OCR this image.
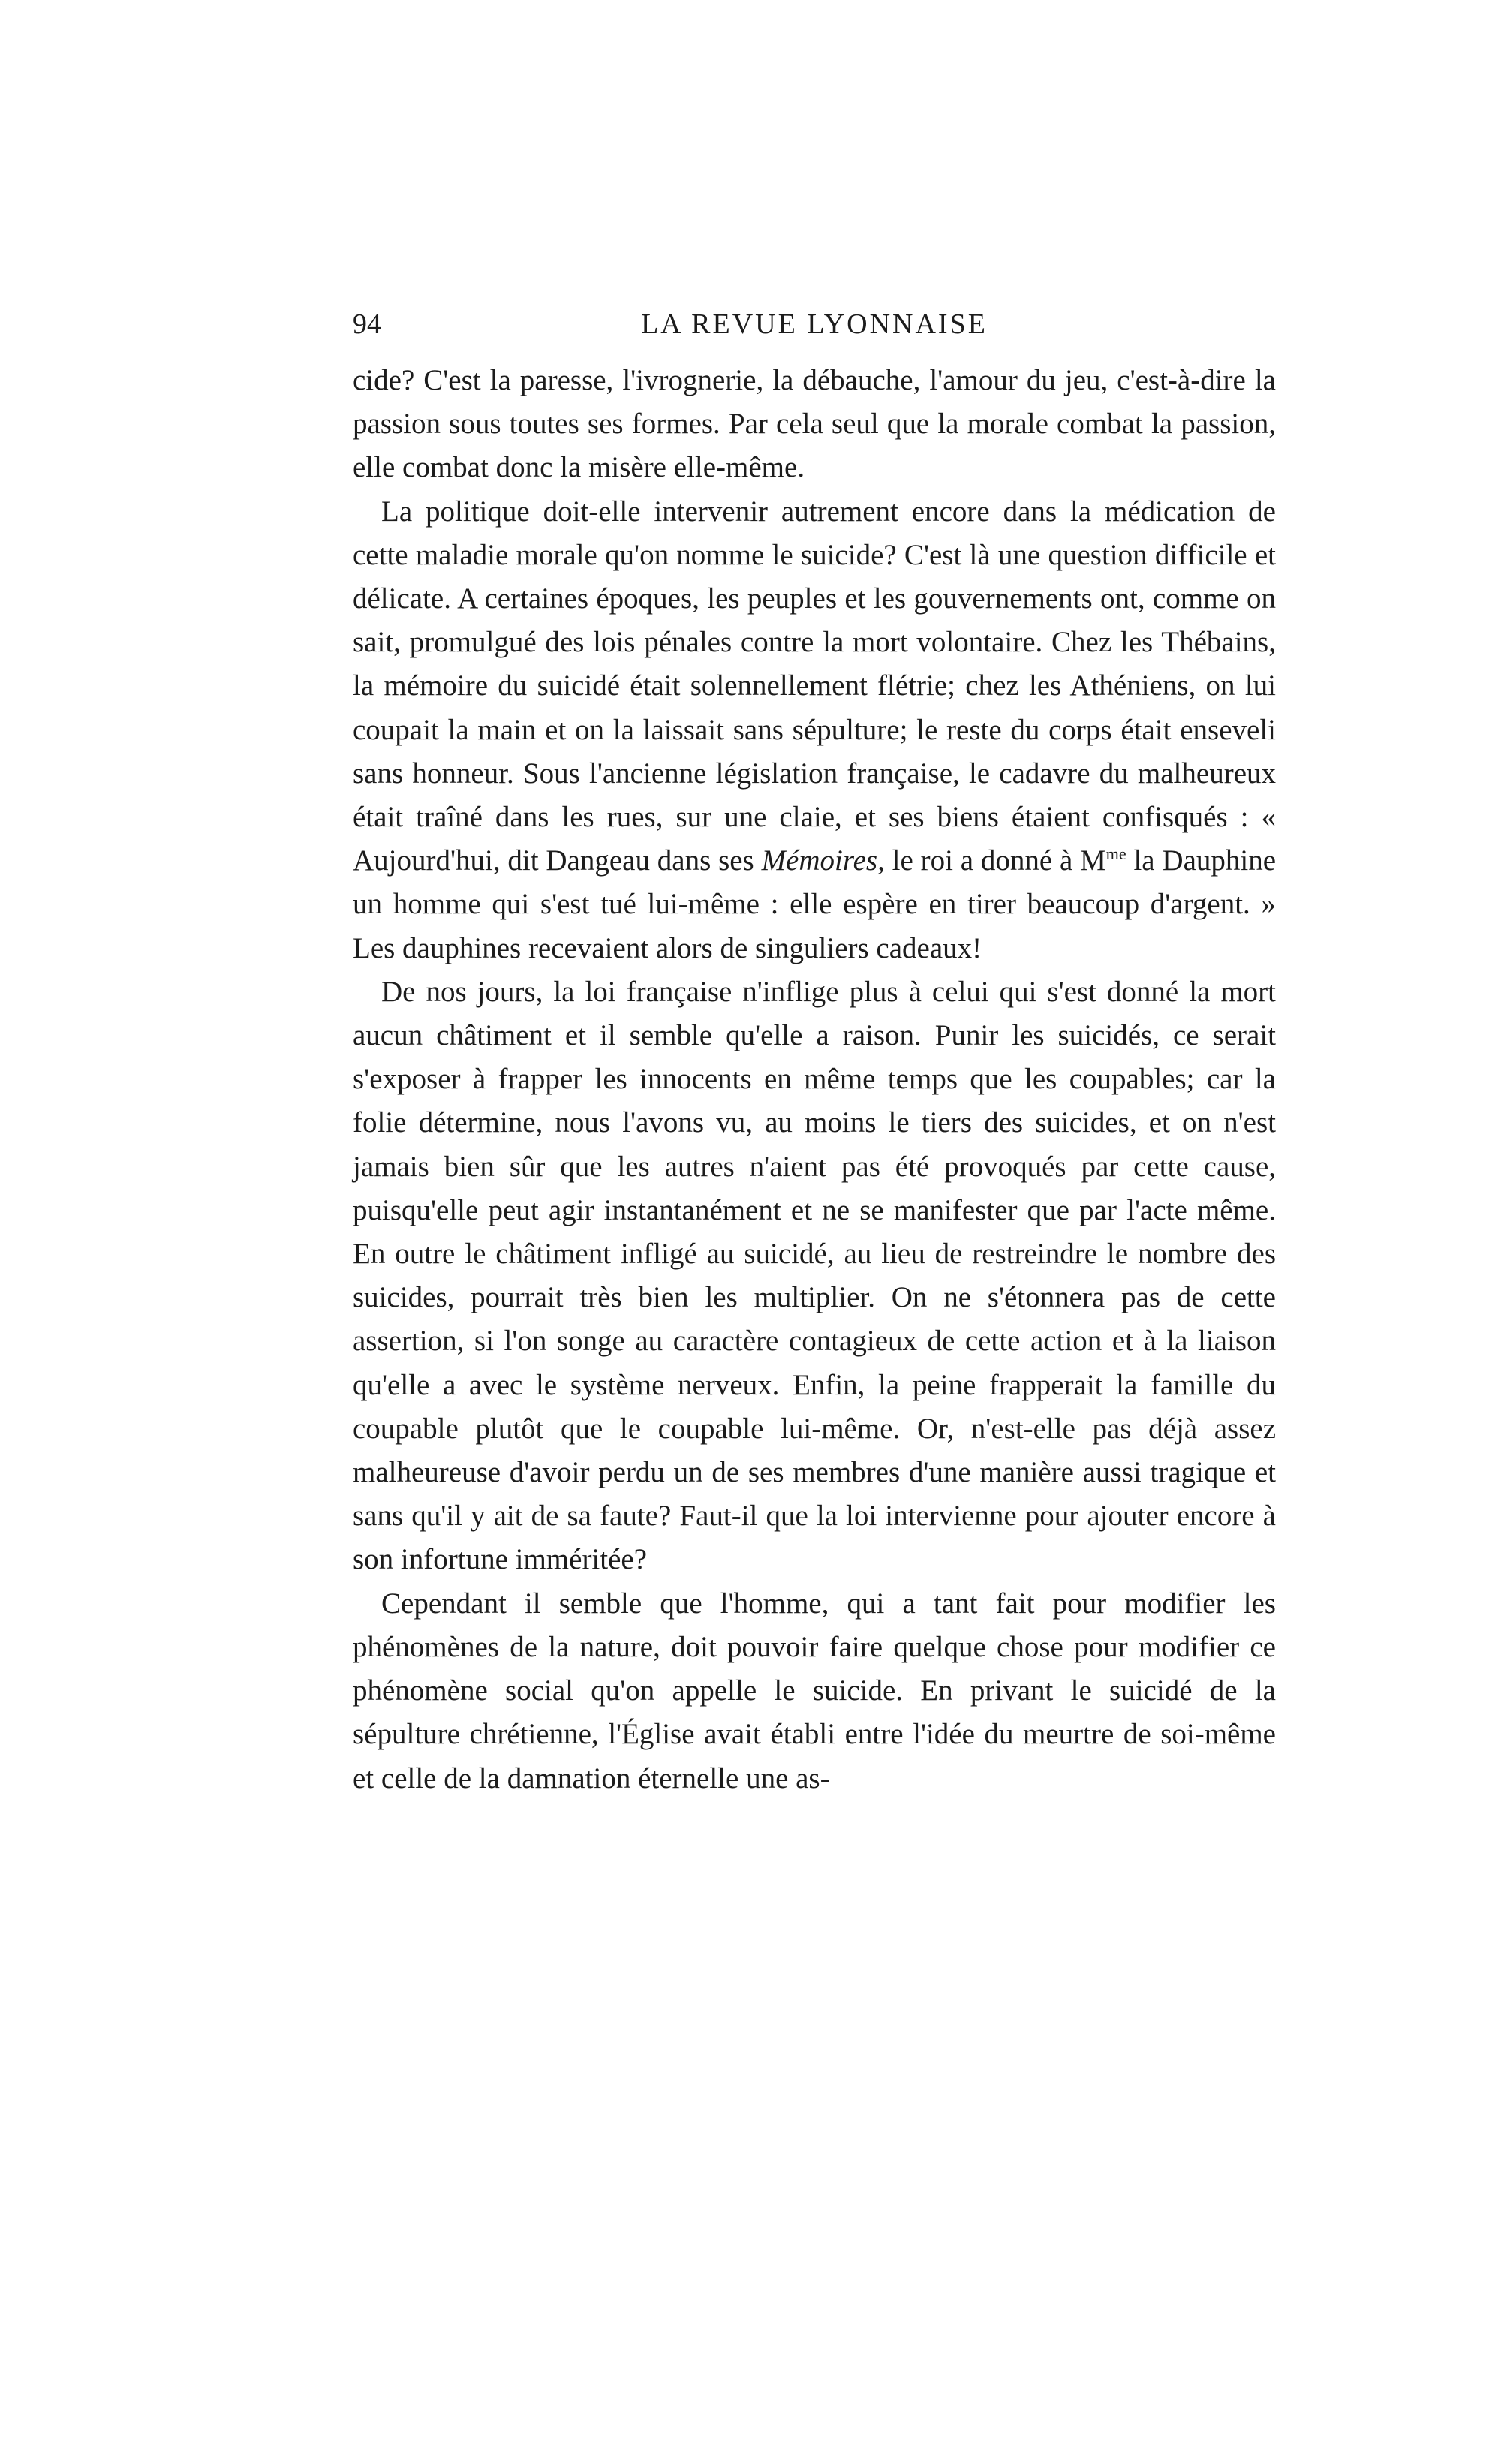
94	LA REVUE LYONNAISE

cide? C'est la paresse, l'ivrognerie, la débauche, l'amour du jeu, c'est-à-dire la passion sous toutes ses formes. Par cela seul que la morale combat la passion, elle combat donc la misère elle-même.

La politique doit-elle intervenir autrement encore dans la médication de cette maladie morale qu'on nomme le suicide? C'est là une question difficile et délicate. A certaines époques, les peuples et les gouvernements ont, comme on sait, promulgué des lois pénales contre la mort volontaire. Chez les Thébains, la mémoire du suicidé était solennellement flétrie; chez les Athéniens, on lui coupait la main et on la laissait sans sépulture; le reste du corps était enseveli sans honneur. Sous l'ancienne législation française, le cadavre du malheureux était traîné dans les rues, sur une claie, et ses biens étaient confisqués : « Aujourd'hui, dit Dangeau dans ses Mémoires, le roi a donné à $M^{me}$ la Dauphine un homme qui s'est tué lui-même : elle espère en tirer beaucoup d'argent. » Les dauphines recevaient alors de singuliers cadeaux!

De nos jours, la loi française n'inflige plus à celui qui s'est donné la mort aucun châtiment et il semble qu'elle a raison. Punir les suicidés, ce serait s'exposer à frapper les innocents en même temps que les coupables; car la folie détermine, nous l'avons vu, au moins le tiers des suicides, et on n'est jamais bien sûr que les autres n'aient pas été provoqués par cette cause, puisqu'elle peut agir instantanément et ne se manifester que par l'acte même. En outre le châtiment infligé au suicidé, au lieu de restreindre le nombre des suicides, pourrait très bien les multiplier. On ne s'étonnera pas de cette assertion, si l'on songe au caractère contagieux de cette action et à la liaison qu'elle a avec le système nerveux. Enfin, la peine frapperait la famille du coupable plutôt que le coupable lui-même. Or, n'est-elle pas déjà assez malheureuse d'avoir perdu un de ses membres d'une manière aussi tragique et sans qu'il y ait de sa faute? Faut-il que la loi intervienne pour ajouter encore à son infortune imméritée?

Cependant il semble que l'homme, qui a tant fait pour modifier les phénomènes de la nature, doit pouvoir faire quelque chose pour modifier ce phénomène social qu'on appelle le suicide. En privant le suicidé de la sépulture chrétienne, l'Église avait établi entre l'idée du meurtre de soi-même et celle de la damnation éternelle une as-
